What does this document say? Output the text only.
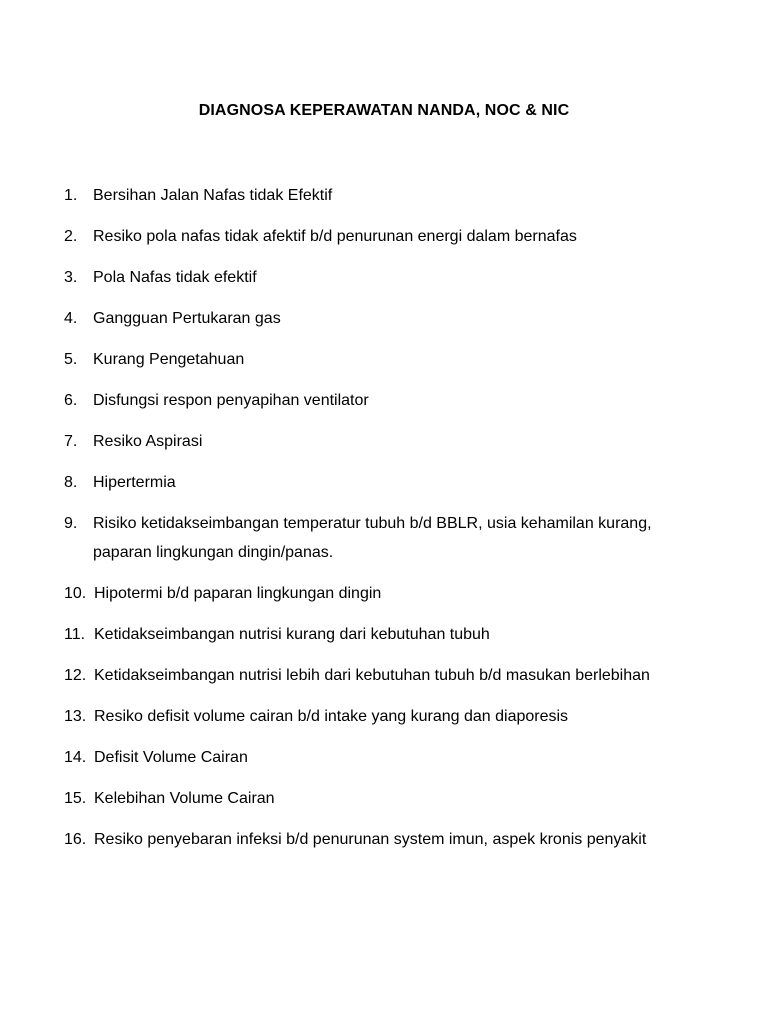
DIAGNOSA KEPERAWATAN NANDA, NOC & NIC
1. Bersihan Jalan Nafas tidak Efektif
2. Resiko pola nafas tidak afektif b/d penurunan energi dalam bernafas
3. Pola Nafas tidak efektif
4. Gangguan Pertukaran gas
5. Kurang Pengetahuan
6. Disfungsi respon penyapihan ventilator
7. Resiko Aspirasi
8. Hipertermia
9. Risiko ketidakseimbangan temperatur tubuh b/d BBLR, usia kehamilan kurang, paparan lingkungan dingin/panas.
10. Hipotermi b/d paparan lingkungan dingin
11. Ketidakseimbangan nutrisi kurang dari kebutuhan tubuh
12. Ketidakseimbangan nutrisi lebih dari kebutuhan tubuh b/d masukan berlebihan
13. Resiko defisit volume cairan b/d intake yang kurang dan diaporesis
14. Defisit Volume Cairan
15. Kelebihan Volume Cairan
16. Resiko penyebaran infeksi b/d penurunan system imun, aspek kronis penyakit
